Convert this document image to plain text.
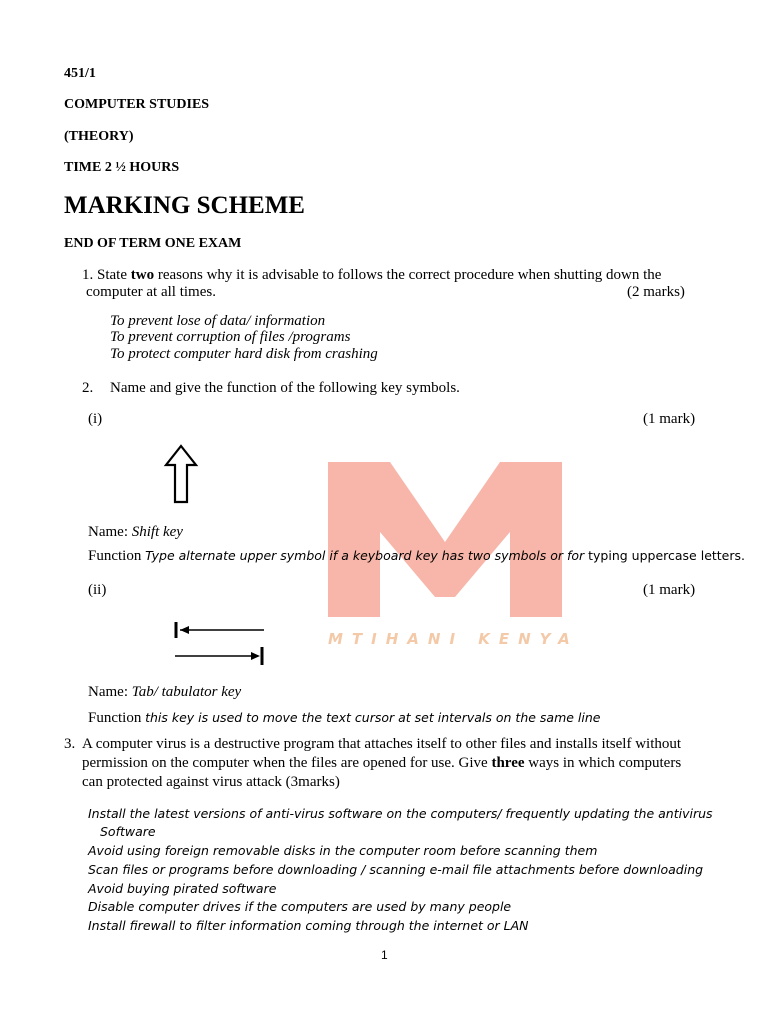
MTIHANI KENYA
451/1
COMPUTER STUDIES
(THEORY)
TIME 2 ½ HOURS
MARKING SCHEME
END OF TERM ONE EXAM
1. State two reasons why it is advisable to follows the correct procedure when shutting down the
computer at all times.	(2 marks)
To prevent lose of data/ information
To prevent corruption of files /programs
To protect computer hard disk from crashing
2. Name and give the function of the following key symbols.
(i)	(1 mark)
Name: Shift key
Function Type alternate upper symbol if a keyboard key has two symbols or for typing uppercase letters.
(ii)	(1 mark)
Name: Tab/ tabulator key
Function this key is used to move the text cursor at set intervals on the same line
3. A computer virus is a destructive program that attaches itself to other files and installs itself without
permission on the computer when the files are opened for use. Give three ways in which computers
can protected against virus attack (3marks)
Install the latest versions of anti-virus software on the computers/ frequently updating the antivirus
Software
Avoid using foreign removable disks in the computer room before scanning them
Scan files or programs before downloading / scanning e-mail file attachments before downloading
Avoid buying pirated software
Disable computer drives if the computers are used by many people
Install firewall to filter information coming through the internet or LAN
1
